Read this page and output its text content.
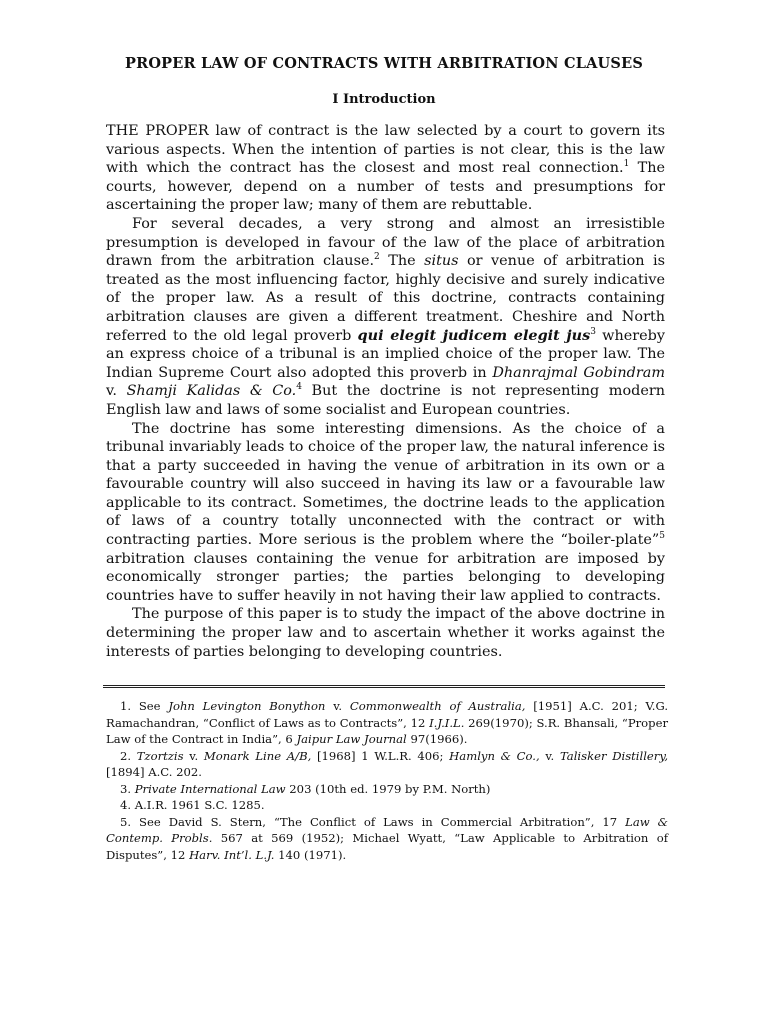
PROPER LAW OF CONTRACTS WITH ARBITRATION CLAUSES
I Introduction

THE PROPER law of contract is the law selected by a court to govern its various aspects. When the intention of parties is not clear, this is the law with which the contract has the closest and most real connection.$^1$ The courts, however, depend on a number of tests and presumptions for ascertaining the proper law; many of them are rebuttable.

For several decades, a very strong and almost an irresistible presumption is developed in favour of the law of the place of arbitration drawn from the arbitration clause.$^2$ The situs or venue of arbitration is treated as the most influencing factor, highly decisive and surely indicative of the proper law. As a result of this doctrine, contracts containing arbitration clauses are given a different treatment. Cheshire and North referred to the old legal proverb qui elegit judicem elegit jus$^3$ whereby an express choice of a tribunal is an implied choice of the proper law. The Indian Supreme Court also adopted this proverb in Dhanrajmal Gobindram v. Shamji Kalidas & Co.$^4$ But the doctrine is not representing modern English law and laws of some socialist and European countries.

The doctrine has some interesting dimensions. As the choice of a tribunal invariably leads to choice of the proper law, the natural inference is that a party succeeded in having the venue of arbitration in its own or a favourable country will also succeed in having its law or a favourable law applicable to its contract. Sometimes, the doctrine leads to the application of laws of a country totally unconnected with the contract or with contracting parties. More serious is the problem where the “boiler-plate”$^5$ arbitration clauses containing the venue for arbitration are imposed by economically stronger parties; the parties belonging to developing countries have to suffer heavily in not having their law applied to contracts.

The purpose of this paper is to study the impact of the above doctrine in determining the proper law and to ascertain whether it works against the interests of parties belonging to developing countries.

1. See John Levington Bonython v. Commonwealth of Australia, [1951] A.C. 201; V.G. Ramachandran, “Conflict of Laws as to Contracts”, 12 I.J.I.L. 269(1970); S.R. Bhansali, “Proper Law of the Contract in India”, 6 Jaipur Law Journal 97(1966).

2. Tzortzis v. Monark Line A/B, [1968] 1 W.L.R. 406; Hamlyn & Co., v. Talisker Distillery, [1894] A.C. 202.

3. Private International Law 203 (10th ed. 1979 by P.M. North)

4. A.I.R. 1961 S.C. 1285.

5. See David S. Stern, “The Conflict of Laws in Commercial Arbitration”, 17 Law & Contemp. Probls. 567 at 569 (1952); Michael Wyatt, “Law Applicable to Arbitration of Disputes”, 12 Harv. Int’l. L.J. 140 (1971).
